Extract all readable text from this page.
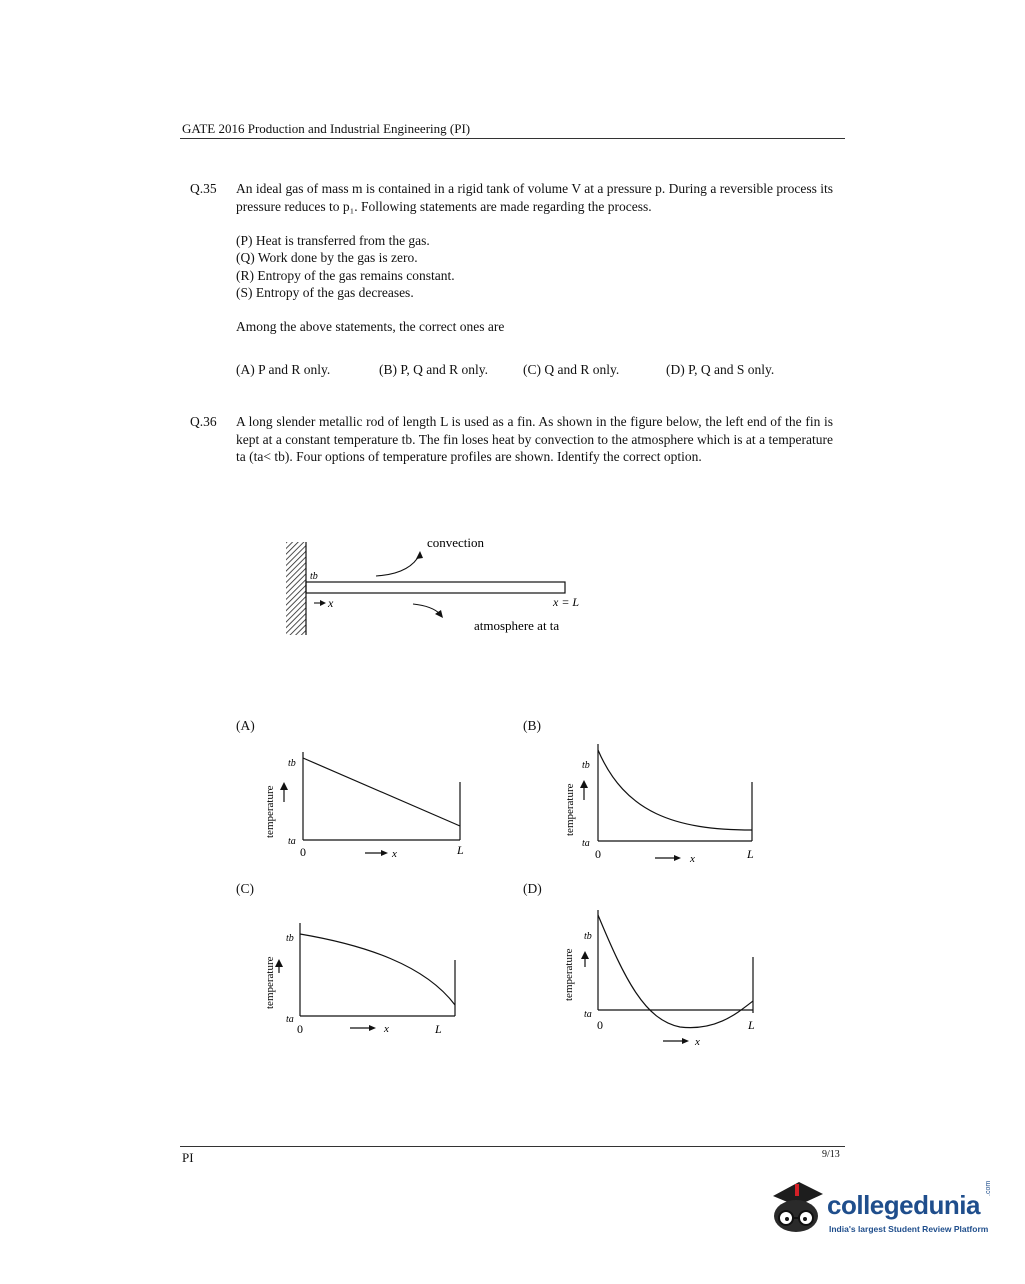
GATE 2016 Production and Industrial Engineering (PI)
Q.35 An ideal gas of mass m is contained in a rigid tank of volume V at a pressure p. During a reversible process its pressure reduces to p₁. Following statements are made regarding the process.
(P) Heat is transferred from the gas.
(Q) Work done by the gas is zero.
(R) Entropy of the gas remains constant.
(S) Entropy of the gas decreases.
Among the above statements, the correct ones are
(A) P and R only.	(B) P, Q and R only.	(C) Q and R only.	(D) P, Q and S only.
Q.36 A long slender metallic rod of length L is used as a fin. As shown in the figure below, the left end of the fin is kept at a constant temperature tb. The fin loses heat by convection to the atmosphere which is at a temperature ta (ta< tb). Four options of temperature profiles are shown. Identify the correct option.
convection
tb
x	x = L
atmosphere at ta
(A)	(B)
(C)	(D)
temperature
tb
ta
0	x	L
temperature
tb
ta
0	x	L
temperature
tb
ta
0	x	L
temperature
tb
ta
0
x
L
PI	9/13
collegedunia
.com
India's largest Student Review Platform
